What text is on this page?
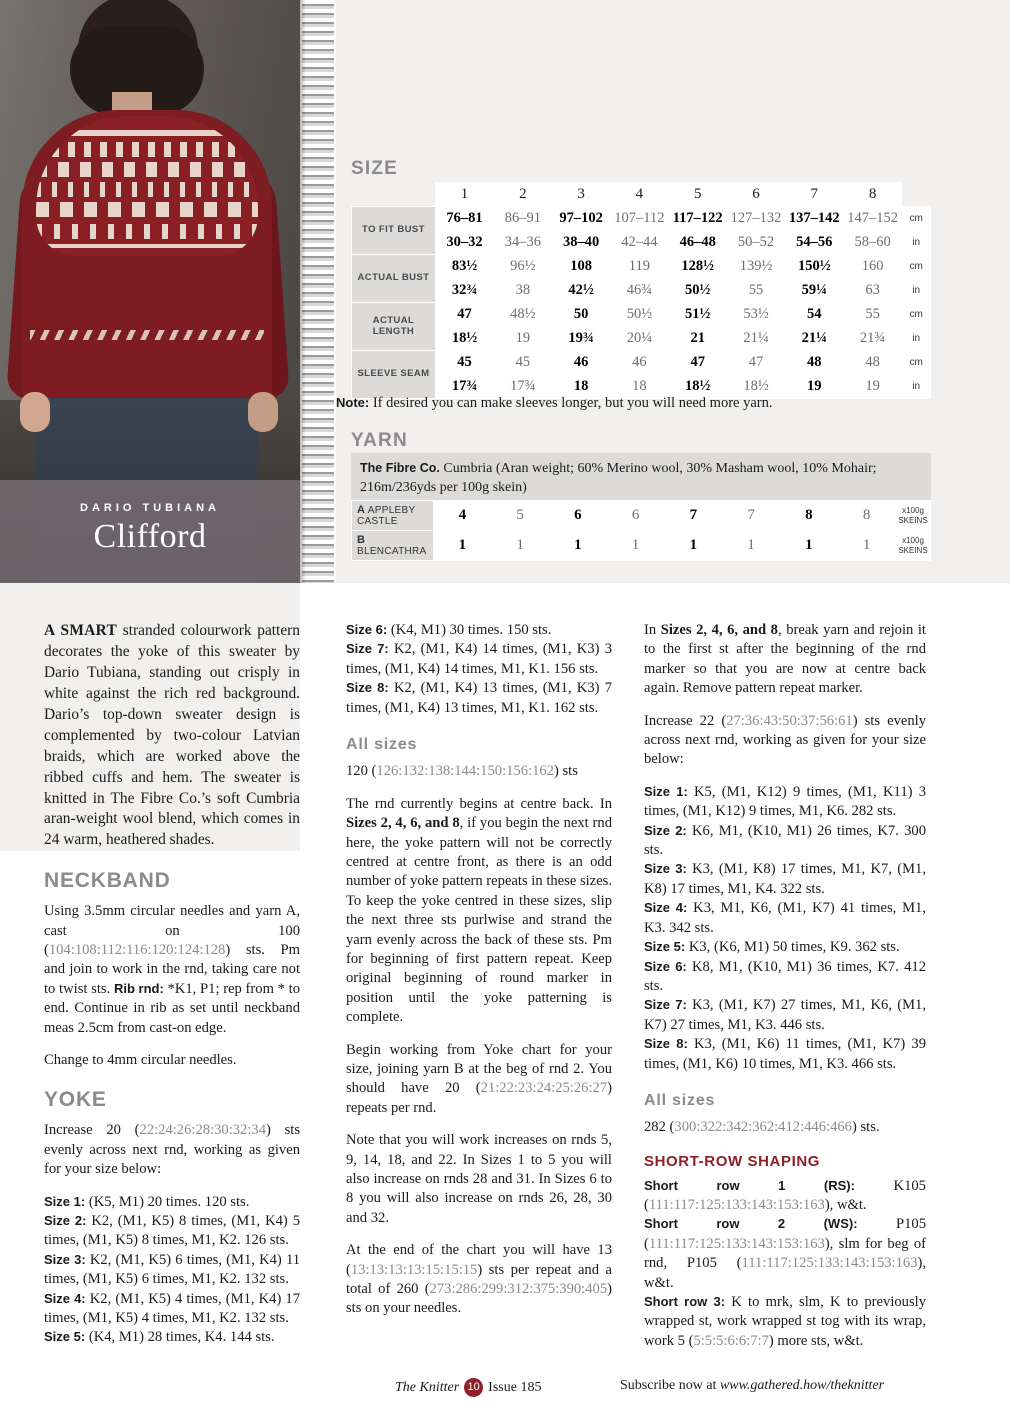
DARIO TUBIANA
Clifford
SIZE
	1	2	3	4	5	6	7	8	
TO FIT BUST	76–81	86–91	97–102	107–112	117–122	127–132	137–142	147–152	cm
	30–32	34–36	38–40	42–44	46–48	50–52	54–56	58–60	in
ACTUAL BUST	83½	96½	108	119	128½	139½	150½	160	cm
	32¾	38	42½	46¾	50½	55	59¼	63	in
ACTUAL LENGTH	47	48½	50	50½	51½	53½	54	55	cm
	18½	19	19¾	20¼	21	21¼	21¼	21¾	in
SLEEVE SEAM	45	45	46	46	47	47	48	48	cm
	17¾	17¾	18	18	18½	18½	19	19	in
YARN
The Fibre Co. Cumbria (Aran weight; 60% Merino wool, 30% Masham wool, 10% Mohair; 216m/236yds per 100g skein)
A APPLEBY CASTLE	4	5	6	6	7	7	8	8	x100g SKEINS
B BLENCATHRA	1	1	1	1	1	1	1	1	x100g SKEINS
Note: If desired you can make sleeves longer, but you will need more yarn.

A SMART stranded colourwork pattern decorates the yoke of this sweater by Dario Tubiana, standing out crisply in white against the rich red background. Dario’s top-down sweater design is complemented by two-colour Latvian braids, which are worked above the ribbed cuffs and hem. The sweater is knitted in The Fibre Co.’s soft Cumbria aran-weight wool blend, which comes in 24 warm, heathered shades.

NECKBAND

Using 3.5mm circular needles and yarn A, cast on 100 (104:108:112:116:120:124:128) sts. Pm and join to work in the rnd, taking care not to twist sts. Rib rnd: *K1, P1; rep from * to end. Continue in rib as set until neckband meas 2.5cm from cast-on edge.

Change to 4mm circular needles.

YOKE

Increase 20 (22:24:26:28:30:32:34) sts evenly across next rnd, working as given for your size below:

Size 1: (K5, M1) 20 times. 120 sts.
Size 2: K2, (M1, K5) 8 times, (M1, K4) 5 times, (M1, K5) 8 times, M1, K2. 126 sts.
Size 3: K2, (M1, K5) 6 times, (M1, K4) 11 times, (M1, K5) 6 times, M1, K2. 132 sts.
Size 4: K2, (M1, K5) 4 times, (M1, K4) 17 times, (M1, K5) 4 times, M1, K2. 132 sts.
Size 5: (K4, M1) 28 times, K4. 144 sts.

Size 6: (K4, M1) 30 times. 150 sts.
Size 7: K2, (M1, K4) 14 times, (M1, K3) 3 times, (M1, K4) 14 times, M1, K1. 156 sts.
Size 8: K2, (M1, K4) 13 times, (M1, K3) 7 times, (M1, K4) 13 times, M1, K1. 162 sts.

All sizes

120 (126:132:138:144:150:156:162) sts

The rnd currently begins at centre back. In Sizes 2, 4, 6, and 8, if you begin the next rnd here, the yoke pattern will not be correctly centred at centre front, as there is an odd number of yoke pattern repeats in these sizes. To keep the yoke centred in these sizes, slip the next three sts purlwise and strand the yarn evenly across the back of these sts. Pm for beginning of first pattern repeat. Keep original beginning of round marker in position until the yoke patterning is complete.

Begin working from Yoke chart for your size, joining yarn B at the beg of rnd 2. You should have 20 (21:22:23:24:25:26:27) repeats per rnd.

Note that you will work increases on rnds 5, 9, 14, 18, and 22. In Sizes 1 to 5 you will also increase on rnds 28 and 31. In Sizes 6 to 8 you will also increase on rnds 26, 28, 30 and 32.

At the end of the chart you will have 13 (13:13:13:13:15:15:15) sts per repeat and a total of 260 (273:286:299:312:375:390:405) sts on your needles.

In Sizes 2, 4, 6, and 8, break yarn and rejoin it to the first st after the beginning of the rnd marker so that you are now at centre back again. Remove pattern repeat marker.

Increase 22 (27:36:43:50:37:56:61) sts evenly across next rnd, working as given for your size below:

Size 1: K5, (M1, K12) 9 times, (M1, K11) 3 times, (M1, K12) 9 times, M1, K6. 282 sts.
Size 2: K6, M1, (K10, M1) 26 times, K7. 300 sts.
Size 3: K3, (M1, K8) 17 times, M1, K7, (M1, K8) 17 times, M1, K4. 322 sts.
Size 4: K3, M1, K6, (M1, K7) 41 times, M1, K3. 342 sts.
Size 5: K3, (K6, M1) 50 times, K9. 362 sts.
Size 6: K8, M1, (K10, M1) 36 times, K7. 412 sts.
Size 7: K3, (M1, K7) 27 times, M1, K6, (M1, K7) 27 times, M1, K3. 446 sts.
Size 8: K3, (M1, K6) 11 times, (M1, K7) 39 times, (M1, K6) 10 times, M1, K3. 466 sts.

All sizes

282 (300:322:342:362:412:446:466) sts.

SHORT-ROW SHAPING

Short row 1 (RS): K105 (111:117:125:133:143:153:163), w&t.
Short row 2 (WS): P105 (111:117:125:133:143:153:163), slm for beg of rnd, P105 (111:117:125:133:143:153:163), w&t.
Short row 3: K to mrk, slm, K to previously wrapped st, work wrapped st tog with its wrap, work 5 (5:5:5:6:6:7:7) more sts, w&t.

The Knitter 10 Issue 185	Subscribe now at www.gathered.how/theknitter
